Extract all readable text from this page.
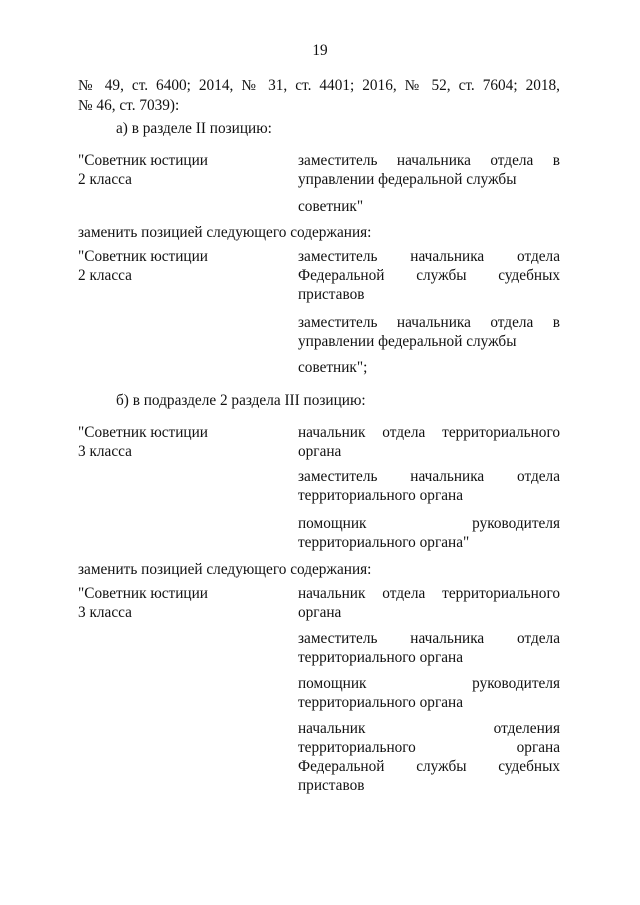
19
№ 49, ст. 6400; 2014, № 31, ст. 4401; 2016, № 52, ст. 7604; 2018,
№ 46, ст. 7039):
а) в разделе II позицию:
"Советник юстиции
2 класса
заместитель начальника отдела в
управлении федеральной службы
советник"
заменить позицией следующего содержания:
"Советник юстиции
2 класса
заместитель начальника отдела
Федеральной службы судебных
приставов
заместитель начальника отдела в
управлении федеральной службы
советник";
б) в подразделе 2 раздела III позицию:
"Советник юстиции
3 класса
начальник отдела территориального
органа
заместитель начальника отдела
территориального органа
помощник руководителя
территориального органа"
заменить позицией следующего содержания:
"Советник юстиции
3 класса
начальник отдела территориального
органа
заместитель начальника отдела
территориального органа
помощник руководителя
территориального органа
начальник отделения
территориального органа
Федеральной службы судебных
приставов
